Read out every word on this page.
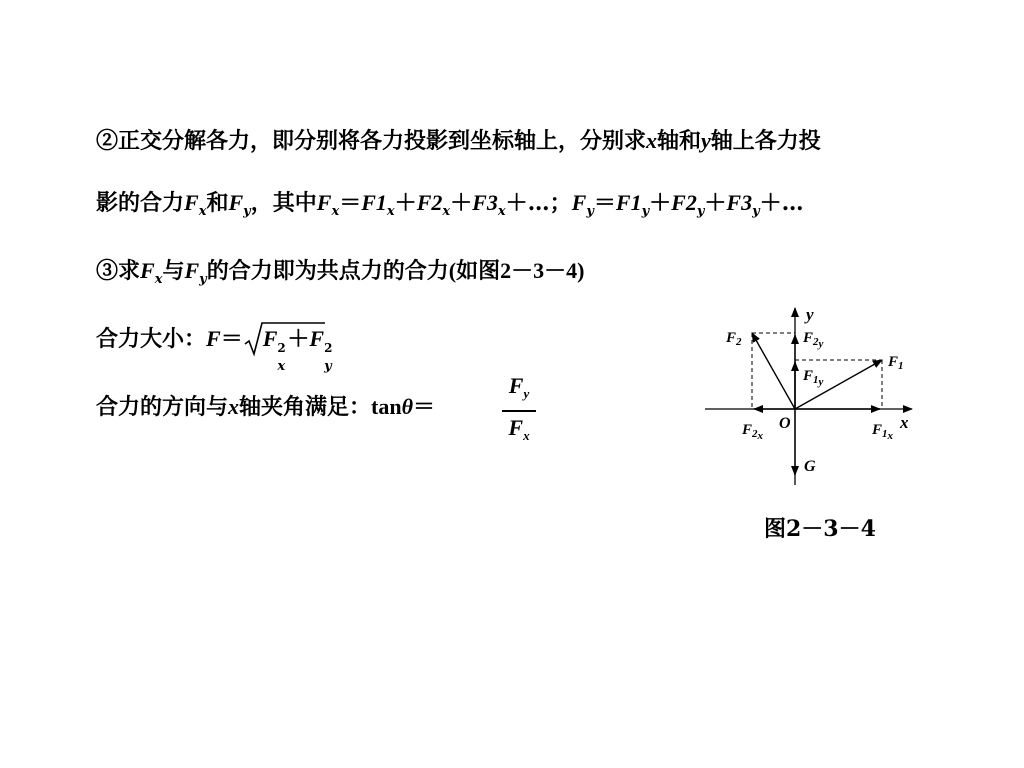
②正交分解各力，即分别将各力投影到坐标轴上，分别求x轴和y轴上各力投
影的合力$F_x$和$F_y$，其中$F_x=F1_x+F2_x+F3_x+\dots$；$F_y=F1_y+F2_y+F3_y+\dots$
③求$F_x$与$F_y$的合力即为共点力的合力(如图2－3－4)
合力大小：F＝ F 2
x
＋F 2
y
合力的方向与x轴夹角满足：tanθ＝
$F_y$
$F_x$
y
x
O
G
$F_2$	$F_2y$
$F_1y$
$F_1$
$F_2x$	$F_1x$
图2－3－4
